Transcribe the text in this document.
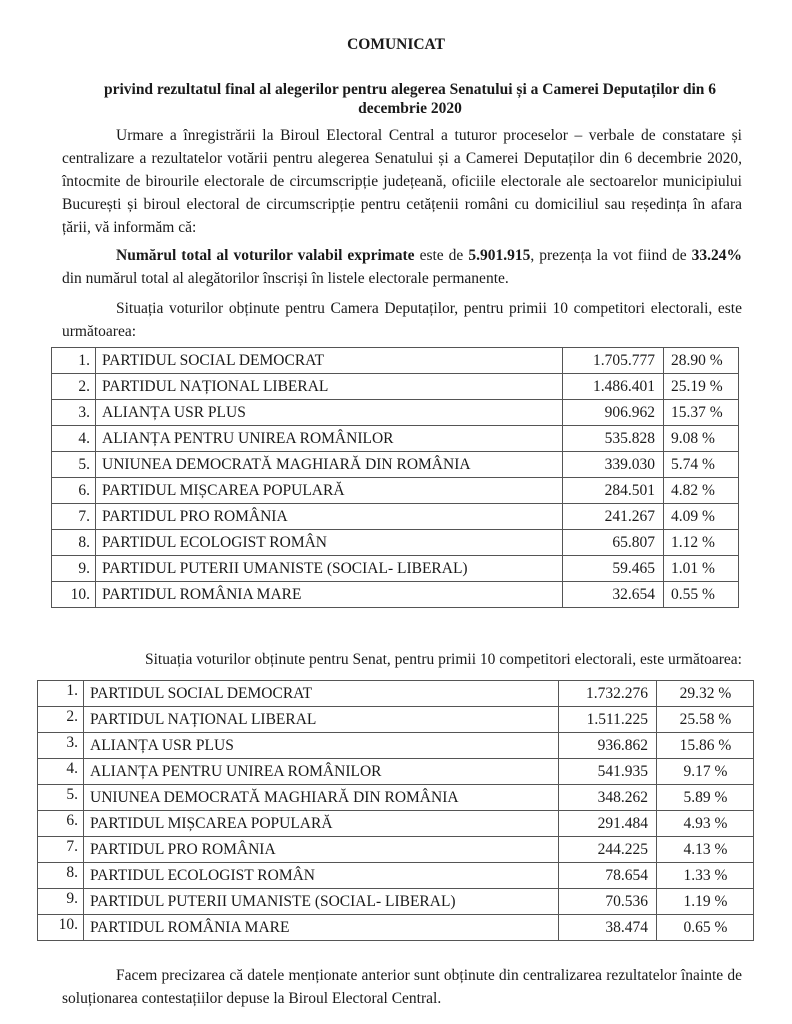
COMUNICAT
privind rezultatul final al alegerilor pentru alegerea Senatului și a Camerei Deputaților din 6 decembrie 2020
Urmare a înregistrării la Biroul Electoral Central a tuturor proceselor – verbale de constatare și centralizare a rezultatelor votării pentru alegerea Senatului și a Camerei Deputaților din 6 decembrie 2020, întocmite de birourile electorale de circumscripție județeană, oficiile electorale ale sectoarelor municipiului București și biroul electoral de circumscripție pentru cetățenii români cu domiciliul sau reședința în afara țării, vă informăm că:
Numărul total al voturilor valabil exprimate este de 5.901.915, prezența la vot fiind de 33.24% din numărul total al alegătorilor înscriși în listele electorale permanente.
Situația voturilor obținute pentru Camera Deputaților, pentru primii 10 competitori electorali, este următoarea:
1.	PARTIDUL SOCIAL DEMOCRAT	1.705.777	28.90 %
2.	PARTIDUL NAȚIONAL LIBERAL	1.486.401	25.19 %
3.	ALIANȚA USR PLUS	906.962	15.37 %
4.	ALIANȚA PENTRU UNIREA ROMÂNILOR	535.828	9.08 %
5.	UNIUNEA DEMOCRATĂ MAGHIARĂ DIN ROMÂNIA	339.030	5.74 %
6.	PARTIDUL MIȘCAREA POPULARĂ	284.501	4.82 %
7.	PARTIDUL PRO ROMÂNIA	241.267	4.09 %
8.	PARTIDUL ECOLOGIST ROMÂN	65.807	1.12 %
9.	PARTIDUL PUTERII UMANISTE (SOCIAL- LIBERAL)	59.465	1.01 %
10.	PARTIDUL ROMÂNIA MARE	32.654	0.55 %
Situația voturilor obținute pentru Senat, pentru primii 10 competitori electorali, este următoarea:
1.	PARTIDUL SOCIAL DEMOCRAT	1.732.276	29.32 %
2.	PARTIDUL NAȚIONAL LIBERAL	1.511.225	25.58 %
3.	ALIANȚA USR PLUS	936.862	15.86 %
4.	ALIANȚA PENTRU UNIREA ROMÂNILOR	541.935	9.17 %
5.	UNIUNEA DEMOCRATĂ MAGHIARĂ DIN ROMÂNIA	348.262	5.89 %
6.	PARTIDUL MIȘCAREA POPULARĂ	291.484	4.93 %
7.	PARTIDUL PRO ROMÂNIA	244.225	4.13 %
8.	PARTIDUL ECOLOGIST ROMÂN	78.654	1.33 %
9.	PARTIDUL PUTERII UMANISTE (SOCIAL- LIBERAL)	70.536	1.19 %
10.	PARTIDUL ROMÂNIA MARE	38.474	0.65 %
Facem precizarea că datele menționate anterior sunt obținute din centralizarea rezultatelor înainte de soluționarea contestațiilor depuse la Biroul Electoral Central.
